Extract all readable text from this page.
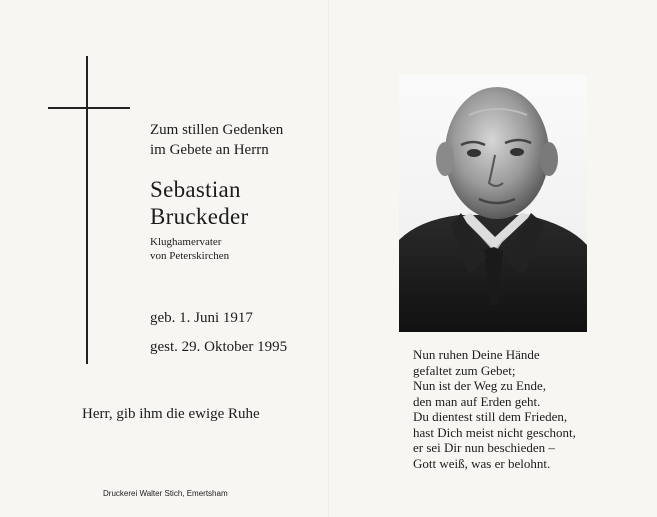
Zum stillen Gedenken
im Gebete an Herrn
Sebastian
Bruckeder
Klughamervater
von Peterskirchen
geb. 1. Juni 1917
gest. 29. Oktober 1995
Herr, gib ihm die ewige Ruhe
Druckerei Walter Stich, Emertsham
Nun ruhen Deine Hände
gefaltet zum Gebet;
Nun ist der Weg zu Ende,
den man auf Erden geht.
Du dientest still dem Frieden,
hast Dich meist nicht geschont,
er sei Dir nun beschieden –
Gott weiß, was er belohnt.
